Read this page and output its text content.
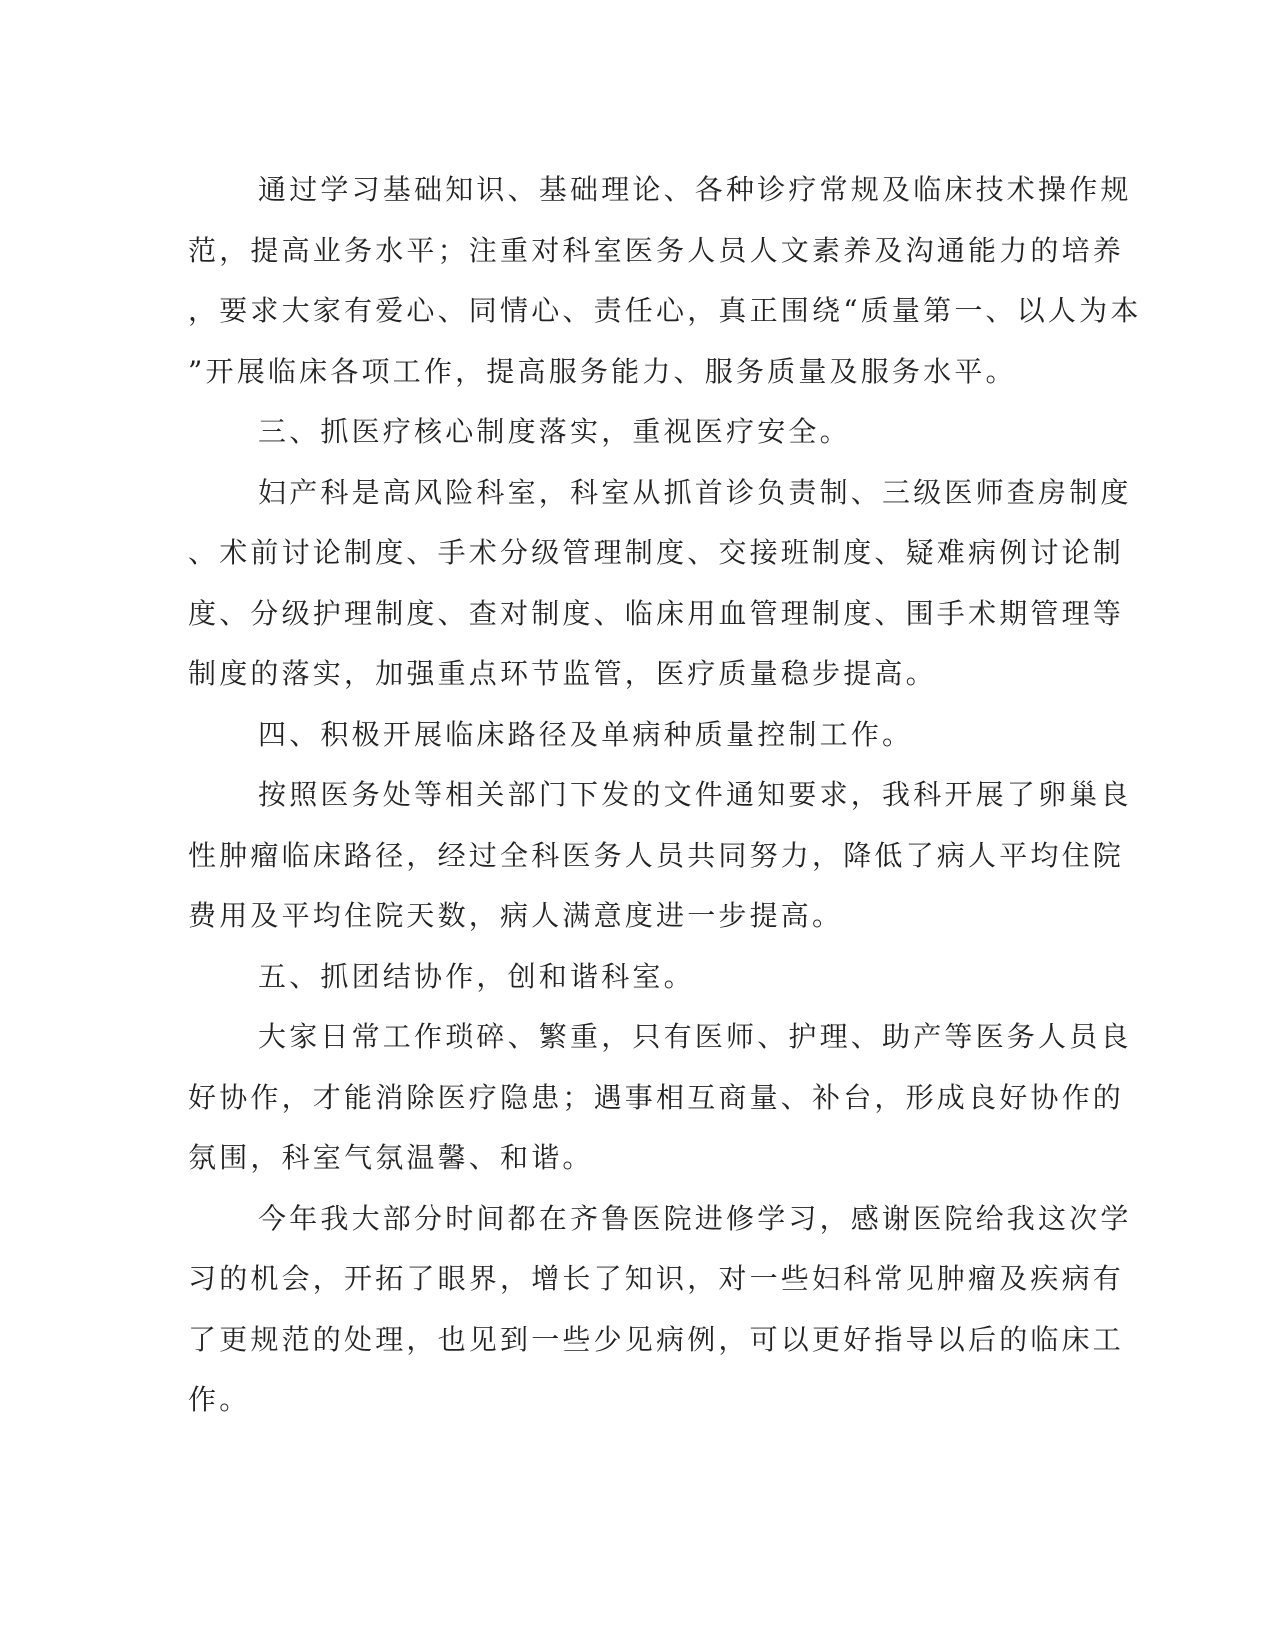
通过学习基础知识、基础理论、各种诊疗常规及临床技术操作规
范，提高业务水平；注重对科室医务人员人文素养及沟通能力的培养
，要求大家有爱心、同情心、责任心，真正围绕“质量第一、以人为本
”开展临床各项工作，提高服务能力、服务质量及服务水平。
三、抓医疗核心制度落实，重视医疗安全。
妇产科是高风险科室，科室从抓首诊负责制、三级医师查房制度
、术前讨论制度、手术分级管理制度、交接班制度、疑难病例讨论制
度、分级护理制度、查对制度、临床用血管理制度、围手术期管理等
制度的落实，加强重点环节监管，医疗质量稳步提高。
四、积极开展临床路径及单病种质量控制工作。
按照医务处等相关部门下发的文件通知要求，我科开展了卵巢良
性肿瘤临床路径，经过全科医务人员共同努力，降低了病人平均住院
费用及平均住院天数，病人满意度进一步提高。
五、抓团结协作，创和谐科室。
大家日常工作琐碎、繁重，只有医师、护理、助产等医务人员良
好协作，才能消除医疗隐患；遇事相互商量、补台，形成良好协作的
氛围，科室气氛温馨、和谐。
今年我大部分时间都在齐鲁医院进修学习，感谢医院给我这次学
习的机会，开拓了眼界，增长了知识，对一些妇科常见肿瘤及疾病有
了更规范的处理，也见到一些少见病例，可以更好指导以后的临床工
作。
